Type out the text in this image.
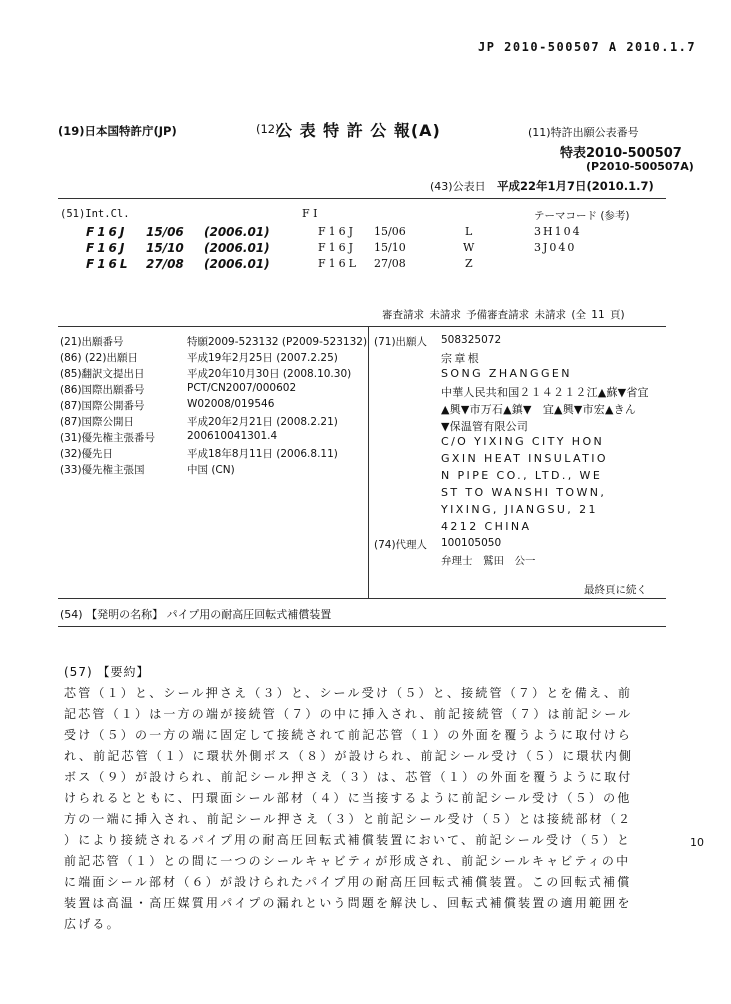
JP 2010-500507 A 2010.1.7
(19)日本国特許庁(JP)	(12)
公 表 特 許 公 報(A)	(11)特許出願公表番号
特表2010-500507
(P2010-500507A)
(43)公表日 平成22年1月7日(2010.1.7)
(51)Int.Cl.	F I	テーマコード (参考)
F16J 15/06 (2006.01)	F16J 15/06	L	3H104
F16J 15/10 (2006.01)	F16J 15/10	W	3J040
F16L 27/08 (2006.01)	F16L 27/08	Z
審査請求 未請求 予備審査請求 未請求 (全 11 頁)
(21)出願番号	特願2009-523132 (P2009-523132)
(86) (22)出願日	平成19年2月25日 (2007.2.25)
(85)翻訳文提出日	平成20年10月30日 (2008.10.30)
(86)国際出願番号	PCT/CN2007/000602
(87)国際公開番号	W02008/019546
(87)国際公開日	平成20年2月21日 (2008.2.21)
(31)優先権主張番号	200610041301.4
(32)優先日	平成18年8月11日 (2006.8.11)
(33)優先権主張国	中国 (CN)
(71)出願人 508325072
宗章根
SONG ZHANGGEN
中華人民共和国２１４２１２江▲蘇▼省宜
▲興▼市万石▲鎮▼　宜▲興▼市宏▲きん
▼保温管有限公司
C/O YIXING CITY HON
GXIN HEAT INSULATIO
N PIPE CO., LTD., WE
ST TO WANSHI TOWN,
YIXING, JIANGSU, 21
4212 CHINA
(74)代理人 100105050
弁理士　鷲田　公一
最終頁に続く
(54) 【発明の名称】 パイプ用の耐高圧回転式補償装置
(57) 【要約】
芯管（１）と、シール押さえ（３）と、シール受け（５）と、接続管（７）とを備え、前
記芯管（１）は一方の端が接続管（７）の中に挿入され、前記接続管（７）は前記シール
受け（５）の一方の端に固定して接続されて前記芯管（１）の外面を覆うように取付けら
れ、前記芯管（１）に環状外側ボス（８）が設けられ、前記シール受け（５）に環状内側
ボス（９）が設けられ、前記シール押さえ（３）は、芯管（１）の外面を覆うように取付
けられるとともに、円環面シール部材（４）に当接するように前記シール受け（５）の他
方の一端に挿入され、前記シール押さえ（３）と前記シール受け（５）とは接続部材（２
）により接続されるパイプ用の耐高圧回転式補償装置において、前記シール受け（５）と
前記芯管（１）との間に一つのシールキャビティが形成され、前記シールキャビティの中
に端面シール部材（６）が設けられたパイプ用の耐高圧回転式補償装置。この回転式補償
装置は高温・高圧媒質用パイプの漏れという問題を解決し、回転式補償装置の適用範囲を
広げる。
10
